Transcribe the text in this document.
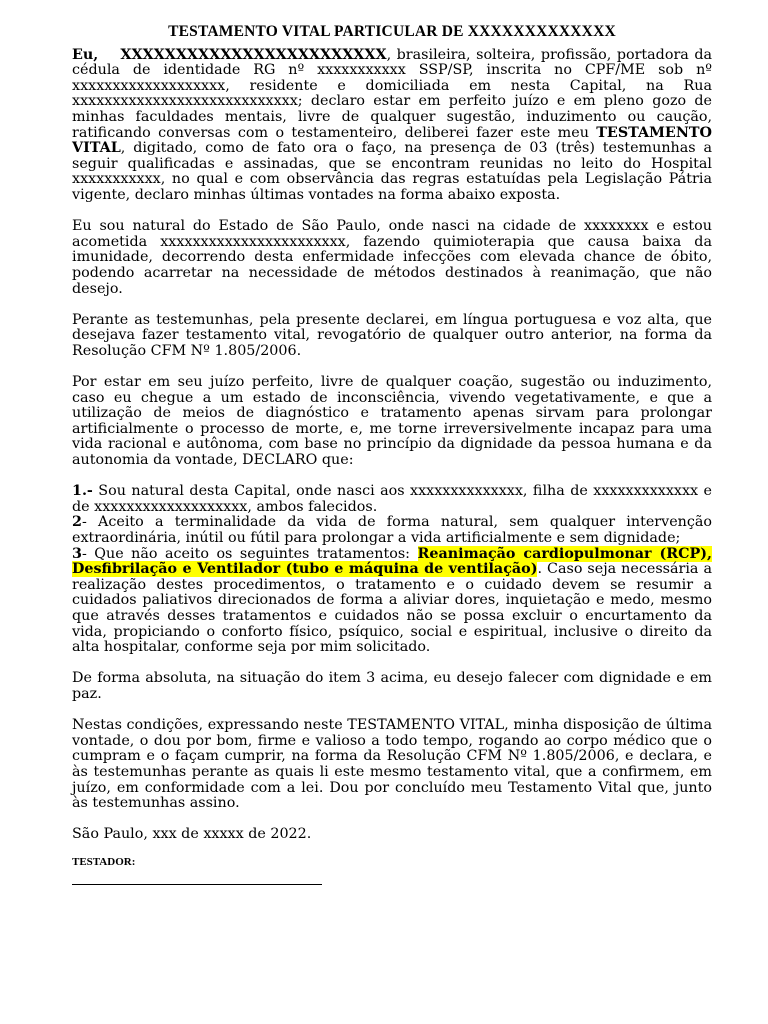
TESTAMENTO VITAL PARTICULAR DE XXXXXXXXXXXXX

Eu, XXXXXXXXXXXXXXXXXXXXXXXX, brasileira, solteira, profissão, portadora da cédula de identidade RG nº xxxxxxxxxxx SSP/SP, inscrita no CPF/ME sob nº xxxxxxxxxxxxxxxxxxx, residente e domiciliada em nesta Capital, na Rua xxxxxxxxxxxxxxxxxxxxxxxxxxxx; declaro estar em perfeito juízo e em pleno gozo de minhas faculdades mentais, livre de qualquer sugestão, induzimento ou caução, ratificando conversas com o testamenteiro, deliberei fazer este meu TESTAMENTO VITAL, digitado, como de fato ora o faço, na presença de 03 (três) testemunhas a seguir qualificadas e assinadas, que se encontram reunidas no leito do Hospital xxxxxxxxxxx, no qual e com observância das regras estatuídas pela Legislação Pátria vigente, declaro minhas últimas vontades na forma abaixo exposta.

Eu sou natural do Estado de São Paulo, onde nasci na cidade de xxxxxxxx e estou acometida xxxxxxxxxxxxxxxxxxxxxxx, fazendo quimioterapia que causa baixa da imunidade, decorrendo desta enfermidade infecções com elevada chance de óbito, podendo acarretar na necessidade de métodos destinados à reanimação, que não desejo.

Perante as testemunhas, pela presente declarei, em língua portuguesa e voz alta, que desejava fazer testamento vital, revogatório de qualquer outro anterior, na forma da Resolução CFM Nº 1.805/2006.

Por estar em seu juízo perfeito, livre de qualquer coação, sugestão ou induzimento, caso eu chegue a um estado de inconsciência, vivendo vegetativamente, e que a utilização de meios de diagnóstico e tratamento apenas sirvam para prolongar artificialmente o processo de morte, e, me torne irreversivelmente incapaz para uma vida racional e autônoma, com base no princípio da dignidade da pessoa humana e da autonomia da vontade, DECLARO que:

1.- Sou natural desta Capital, onde nasci aos xxxxxxxxxxxxxx, filha de xxxxxxxxxxxxx e de xxxxxxxxxxxxxxxxxxx, ambos falecidos.

2- Aceito a terminalidade da vida de forma natural, sem qualquer intervenção extraordinária, inútil ou fútil para prolongar a vida artificialmente e sem dignidade;

3- Que não aceito os seguintes tratamentos: Reanimação cardiopulmonar (RCP), Desfibrilação e Ventilador (tubo e máquina de ventilação). Caso seja necessária a realização destes procedimentos, o tratamento e o cuidado devem se resumir a cuidados paliativos direcionados de forma a aliviar dores, inquietação e medo, mesmo que através desses tratamentos e cuidados não se possa excluir o encurtamento da vida, propiciando o conforto físico, psíquico, social e espiritual, inclusive o direito da alta hospitalar, conforme seja por mim solicitado.

De forma absoluta, na situação do item 3 acima, eu desejo falecer com dignidade e em paz.

Nestas condições, expressando neste TESTAMENTO VITAL, minha disposição de última vontade, o dou por bom, firme e valioso a todo tempo, rogando ao corpo médico que o cumpram e o façam cumprir, na forma da Resolução CFM Nº 1.805/2006, e declara, e às testemunhas perante as quais li este mesmo testamento vital, que a confirmem, em juízo, em conformidade com a lei. Dou por concluído meu Testamento Vital que, junto às testemunhas assino.

São Paulo, xxx de xxxxx de 2022.

TESTADOR:
